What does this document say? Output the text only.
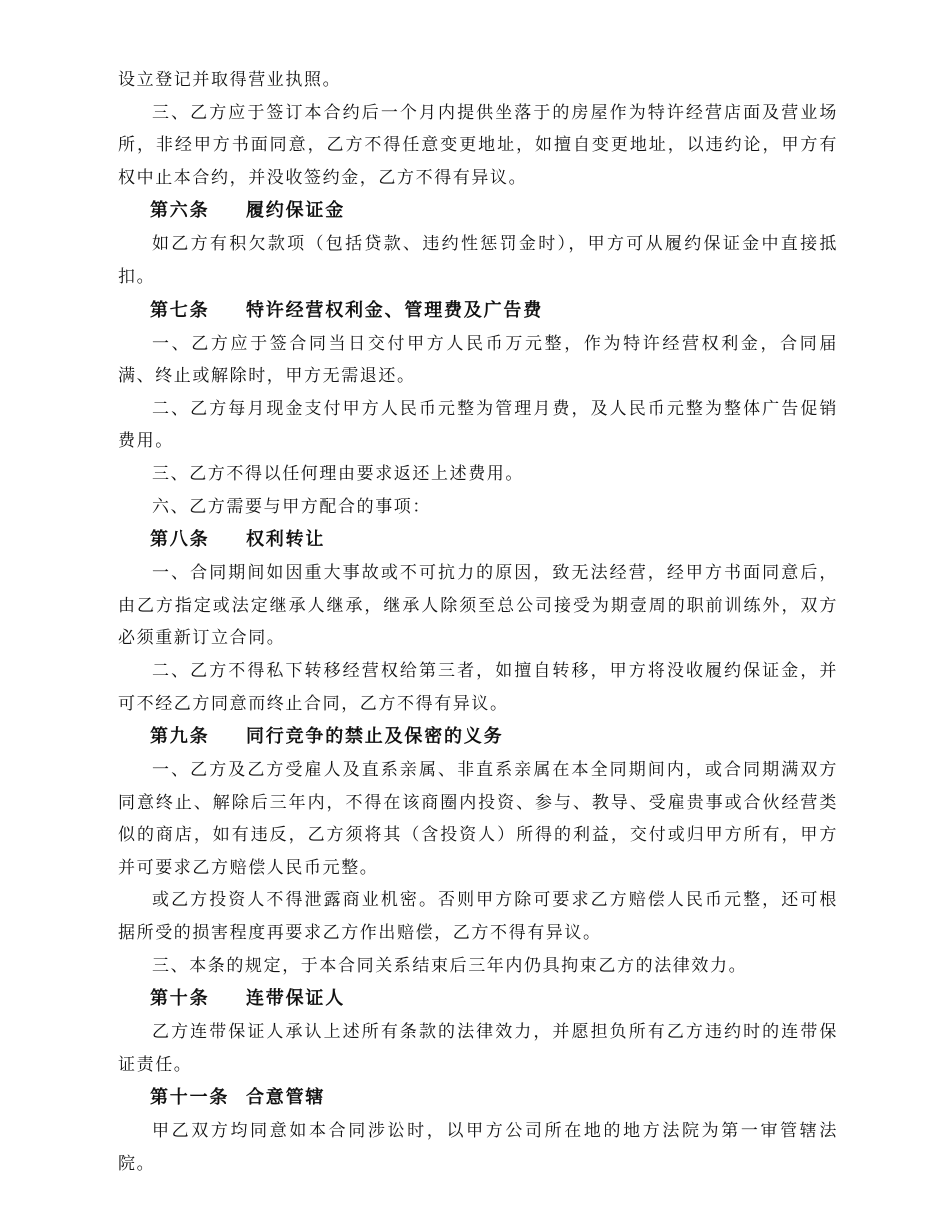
设立登记并取得营业执照。

三、乙方应于签订本合约后一个月内提供坐落于的房屋作为特许经营店面及营业场所，非经甲方书面同意，乙方不得任意变更地址，如擅自变更地址，以违约论，甲方有权中止本合约，并没收签约金，乙方不得有异议。

第六条 履约保证金

如乙方有积欠款项（包括贷款、违约性惩罚金时），甲方可从履约保证金中直接抵扣。

第七条 特许经营权利金、管理费及广告费

一、乙方应于签合同当日交付甲方人民币万元整，作为特许经营权利金，合同届满、终止或解除时，甲方无需退还。

二、乙方每月现金支付甲方人民币元整为管理月费，及人民币元整为整体广告促销费用。

三、乙方不得以任何理由要求返还上述费用。

六、乙方需要与甲方配合的事项：

第八条 权利转让

一、合同期间如因重大事故或不可抗力的原因，致无法经营，经甲方书面同意后，由乙方指定或法定继承人继承，继承人除须至总公司接受为期壹周的职前训练外，双方必须重新订立合同。

二、乙方不得私下转移经营权给第三者，如擅自转移，甲方将没收履约保证金，并可不经乙方同意而终止合同，乙方不得有异议。

第九条 同行竞争的禁止及保密的义务

一、乙方及乙方受雇人及直系亲属、非直系亲属在本全同期间内，或合同期满双方同意终止、解除后三年内，不得在该商圈内投资、参与、教导、受雇贵事或合伙经营类似的商店，如有违反，乙方须将其（含投资人）所得的利益，交付或归甲方所有，甲方并可要求乙方赔偿人民币元整。

或乙方投资人不得泄露商业机密。否则甲方除可要求乙方赔偿人民币元整，还可根据所受的损害程度再要求乙方作出赔偿，乙方不得有异议。

三、本条的规定，于本合同关系结束后三年内仍具拘束乙方的法律效力。

第十条 连带保证人

乙方连带保证人承认上述所有条款的法律效力，并愿担负所有乙方违约时的连带保证责任。

第十一条 合意管辖

甲乙双方均同意如本合同涉讼时，以甲方公司所在地的地方法院为第一审管辖法院。
